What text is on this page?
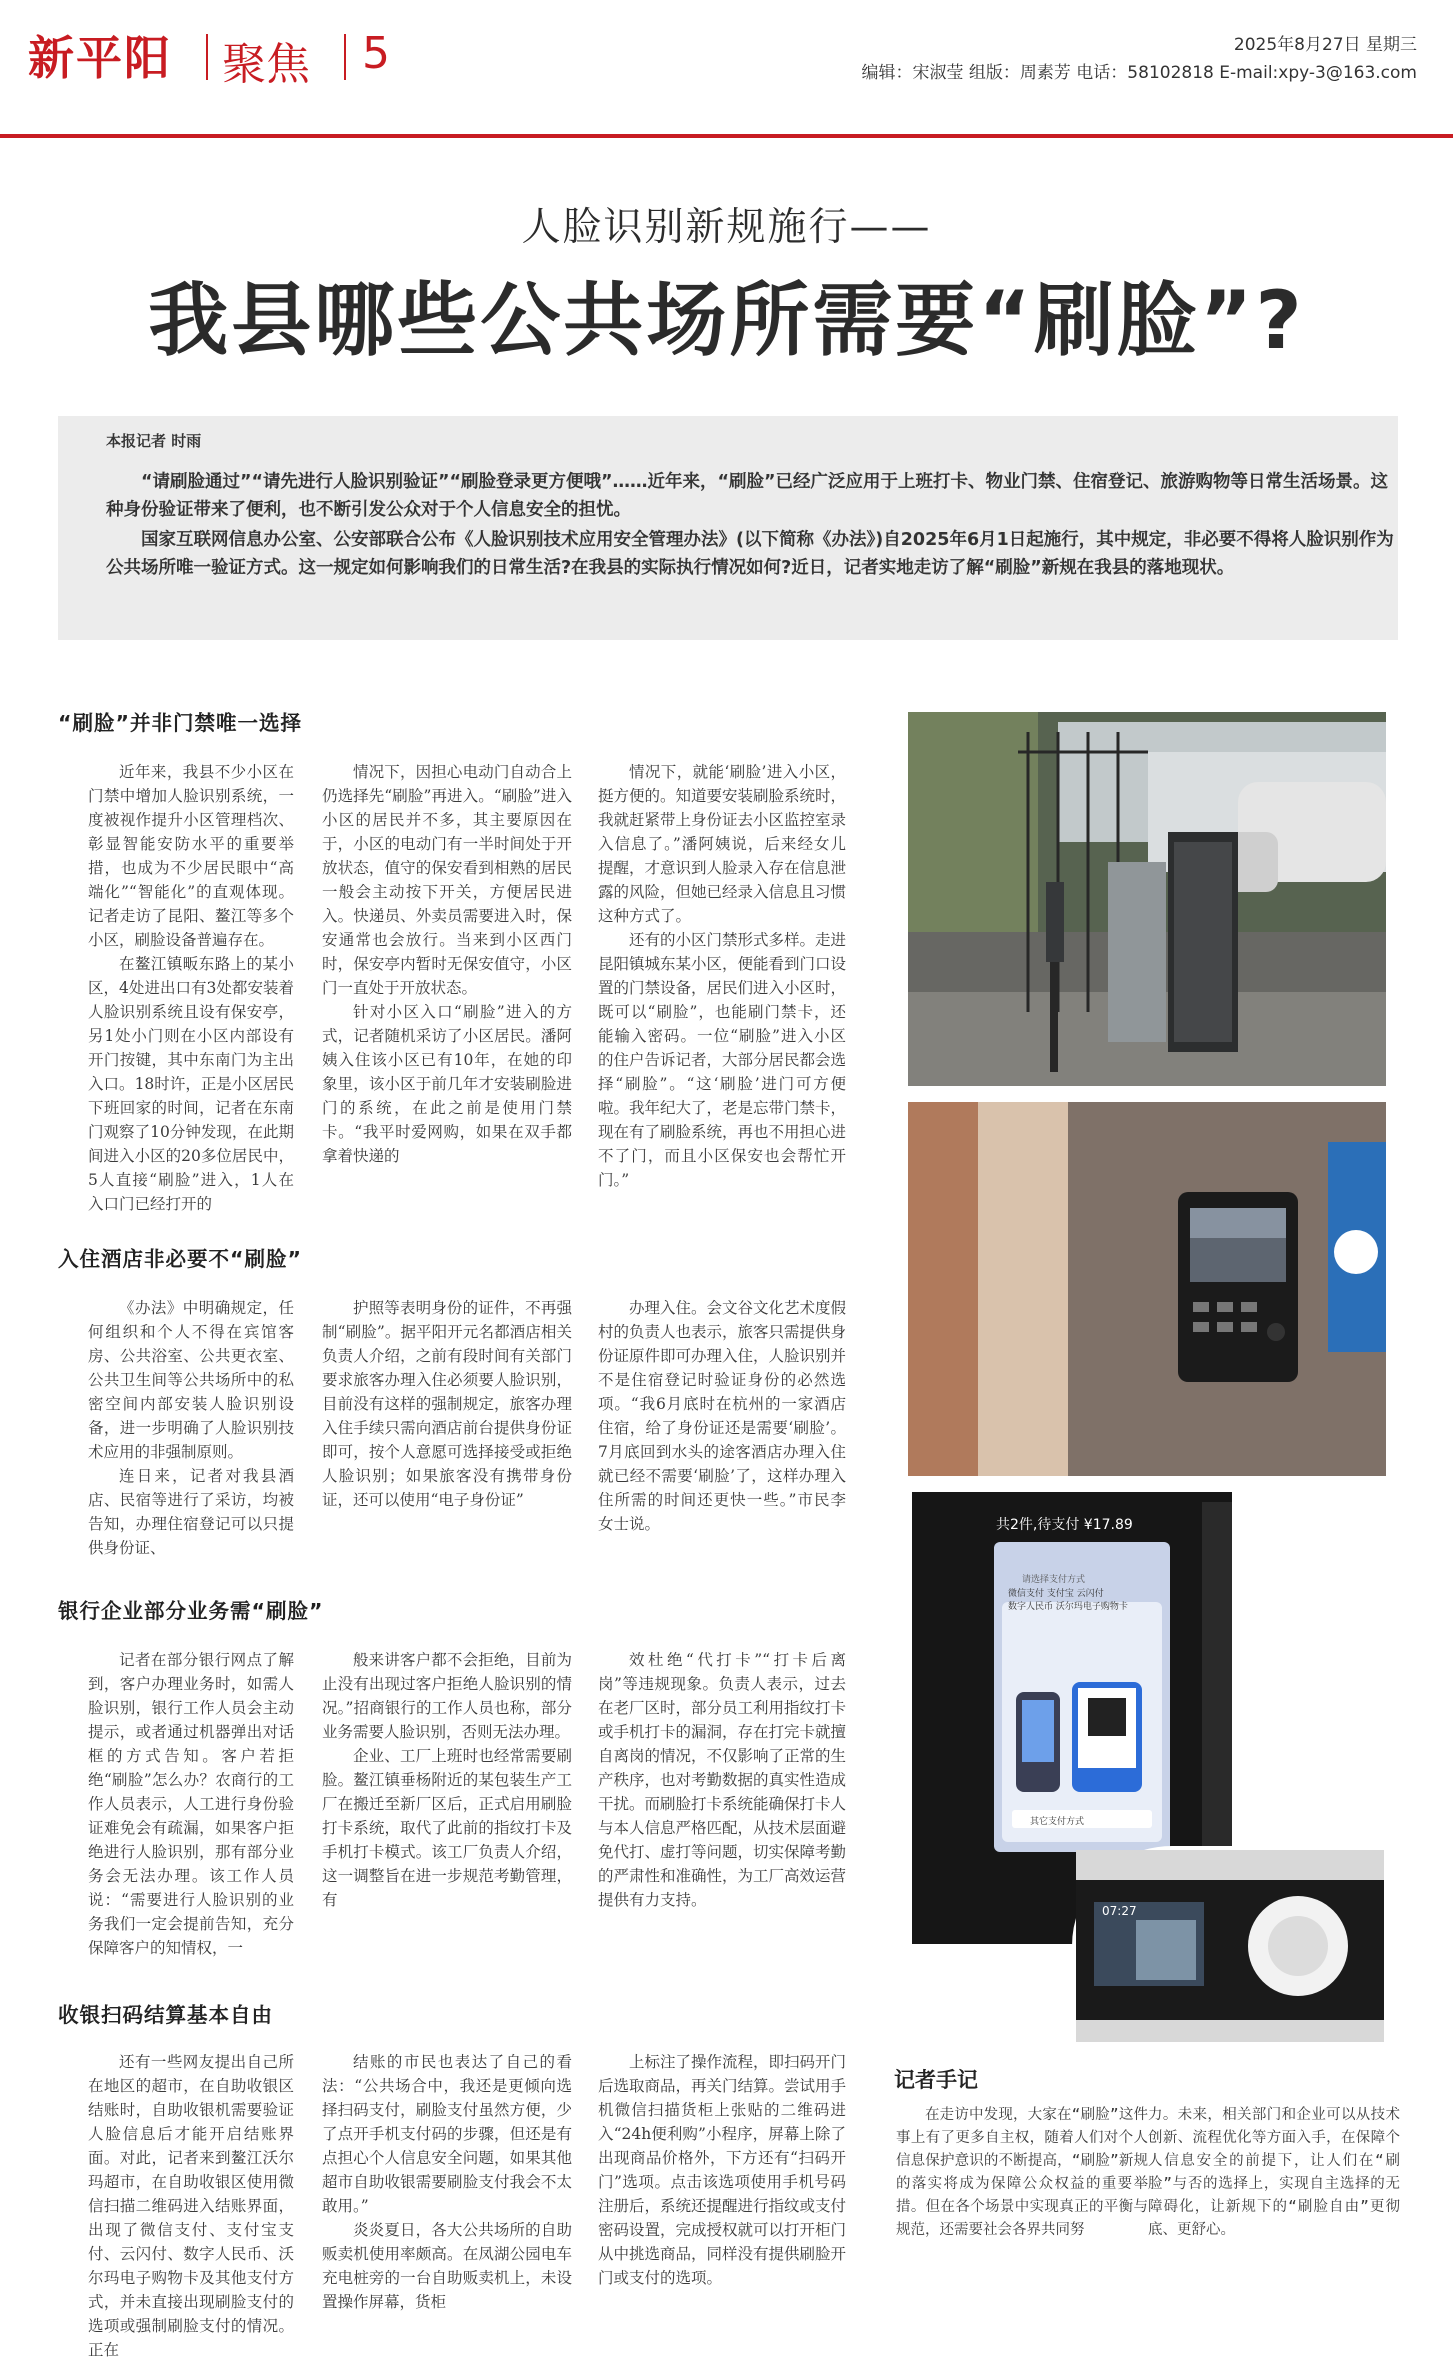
新平阳 聚焦 5	2025年8月27日 星期三
编辑：宋淑莹 组版：周素芳 电话：58102818 E-mail:xpy-3@163.com
人脸识别新规施行——
我县哪些公共场所需要“刷脸”?
本报记者 时雨

“请刷脸通过”“请先进行人脸识别验证”“刷脸登录更方便哦”……近年来，“刷脸”已经广泛应用于上班打卡、物业门禁、住宿登记、旅游购物等日常生活场景。这种身份验证带来了便利，也不断引发公众对于个人信息安全的担忧。

国家互联网信息办公室、公安部联合公布《人脸识别技术应用安全管理办法》(以下简称《办法》)自2025年6月1日起施行，其中规定，非必要不得将人脸识别作为公共场所唯一验证方式。这一规定如何影响我们的日常生活?在我县的实际执行情况如何?近日，记者实地走访了解“刷脸”新规在我县的落地现状。

“刷脸”并非门禁唯一选择

近年来，我县不少小区在门禁中增加人脸识别系统，一度被视作提升小区管理档次、彰显智能安防水平的重要举措，也成为不少居民眼中“高端化”“智能化”的直观体现。记者走访了昆阳、鳌江等多个小区，刷脸设备普遍存在。

在鳌江镇畈东路上的某小区，4处进出口有3处都安装着人脸识别系统且设有保安亭，另1处小门则在小区内部设有开门按键，其中东南门为主出入口。18时许，正是小区居民下班回家的时间，记者在东南门观察了10分钟发现，在此期间进入小区的20多位居民中，5人直接“刷脸”进入，1人在入口门已经打开的

情况下，因担心电动门自动合上仍选择先“刷脸”再进入。“刷脸”进入小区的居民并不多，其主要原因在于，小区的电动门有一半时间处于开放状态，值守的保安看到相熟的居民一般会主动按下开关，方便居民进入。快递员、外卖员需要进入时，保安通常也会放行。当来到小区西门时，保安亭内暂时无保安值守，小区门一直处于开放状态。

针对小区入口“刷脸”进入的方式，记者随机采访了小区居民。潘阿姨入住该小区已有10年，在她的印象里，该小区于前几年才安装刷脸进门的系统，在此之前是使用门禁卡。“我平时爱网购，如果在双手都拿着快递的

情况下，就能‘刷脸’进入小区，挺方便的。知道要安装刷脸系统时，我就赶紧带上身份证去小区监控室录入信息了。”潘阿姨说，后来经女儿提醒，才意识到人脸录入存在信息泄露的风险，但她已经录入信息且习惯这种方式了。

还有的小区门禁形式多样。走进昆阳镇城东某小区，便能看到门口设置的门禁设备，居民们进入小区时，既可以“刷脸”，也能刷门禁卡，还能输入密码。一位“刷脸”进入小区的住户告诉记者，大部分居民都会选择“刷脸”。“这‘刷脸’进门可方便啦。我年纪大了，老是忘带门禁卡，现在有了刷脸系统，再也不用担心进不了门，而且小区保安也会帮忙开门。”

入住酒店非必要不“刷脸”

《办法》中明确规定，任何组织和个人不得在宾馆客房、公共浴室、公共更衣室、公共卫生间等公共场所中的私密空间内部安装人脸识别设备，进一步明确了人脸识别技术应用的非强制原则。

连日来，记者对我县酒店、民宿等进行了采访，均被告知，办理住宿登记可以只提供身份证、

护照等表明身份的证件，不再强制“刷脸”。据平阳开元名都酒店相关负责人介绍，之前有段时间有关部门要求旅客办理入住必须要人脸识别，目前没有这样的强制规定，旅客办理入住手续只需向酒店前台提供身份证即可，按个人意愿可选择接受或拒绝人脸识别；如果旅客没有携带身份证，还可以使用“电子身份证”

办理入住。会文谷文化艺术度假村的负责人也表示，旅客只需提供身份证原件即可办理入住，人脸识别并不是住宿登记时验证身份的必然选项。“我6月底时在杭州的一家酒店住宿，给了身份证还是需要‘刷脸’。7月底回到水头的途客酒店办理入住就已经不需要‘刷脸’了，这样办理入住所需的时间还更快一些。”市民李女士说。

银行企业部分业务需“刷脸”

记者在部分银行网点了解到，客户办理业务时，如需人脸识别，银行工作人员会主动提示，或者通过机器弹出对话框的方式告知。客户若拒绝“刷脸”怎么办？农商行的工作人员表示，人工进行身份验证难免会有疏漏，如果客户拒绝进行人脸识别，那有部分业务会无法办理。该工作人员说：“需要进行人脸识别的业务我们一定会提前告知，充分保障客户的知情权，一

般来讲客户都不会拒绝，目前为止没有出现过客户拒绝人脸识别的情况。”招商银行的工作人员也称，部分业务需要人脸识别，否则无法办理。

企业、工厂上班时也经常需要刷脸。鳌江镇垂杨附近的某包装生产工厂在搬迁至新厂区后，正式启用刷脸打卡系统，取代了此前的指纹打卡及手机打卡模式。该工厂负责人介绍，这一调整旨在进一步规范考勤管理，有

效杜绝“代打卡”“打卡后离岗”等违规现象。负责人表示，过去在老厂区时，部分员工利用指纹打卡或手机打卡的漏洞，存在打完卡就擅自离岗的情况，不仅影响了正常的生产秩序，也对考勤数据的真实性造成干扰。而刷脸打卡系统能确保打卡人与本人信息严格匹配，从技术层面避免代打、虚打等问题，切实保障考勤的严肃性和准确性，为工厂高效运营提供有力支持。

收银扫码结算基本自由

还有一些网友提出自己所在地区的超市，在自助收银区结账时，自助收银机需要验证人脸信息后才能开启结账界面。对此，记者来到鳌江沃尔玛超市，在自助收银区使用微信扫描二维码进入结账界面，出现了微信支付、支付宝支付、云闪付、数字人民币、沃尔玛电子购物卡及其他支付方式，并未直接出现刷脸支付的选项或强制刷脸支付的情况。正在

结账的市民也表达了自己的看法：“公共场合中，我还是更倾向选择扫码支付，刷脸支付虽然方便，少了点开手机支付码的步骤，但还是有点担心个人信息安全问题，如果其他超市自助收银需要刷脸支付我会不太敢用。”

炎炎夏日，各大公共场所的自助贩卖机使用率颇高。在凤湖公园电车充电桩旁的一台自助贩卖机上，未设置操作屏幕，货柜

上标注了操作流程，即扫码开门后选取商品，再关门结算。尝试用手机微信扫描货柜上张贴的二维码进入“24h便利购”小程序，屏幕上除了出现商品价格外，下方还有“扫码开门”选项。点击该选项使用手机号码注册后，系统还提醒进行指纹或支付密码设置，完成授权就可以打开柜门从中挑选商品，同样没有提供刷脸开门或支付的选项。

共2件,待支付 ¥17.89
请选择支付方式
微信支付 支付宝 云闪付
数字人民币 沃尔玛电子购物卡
其它支付方式
07:27
记者手记

在走访中发现，大家在“刷脸”这件事上有了更多自主权，随着人们对个人信息保护意识的不断提高，“刷脸”新规的落实将成为保障公众权益的重要举措。但在各个场景中实现真正的平衡与规范，还需要社会各界共同努

力。未来，相关部门和企业可以从技术创新、流程优化等方面入手，在保障个人信息安全的前提下，让人们在“刷脸”与否的选择上，实现自主选择的无障碍化，让新规下的“刷脸自由”更彻底、更舒心。
